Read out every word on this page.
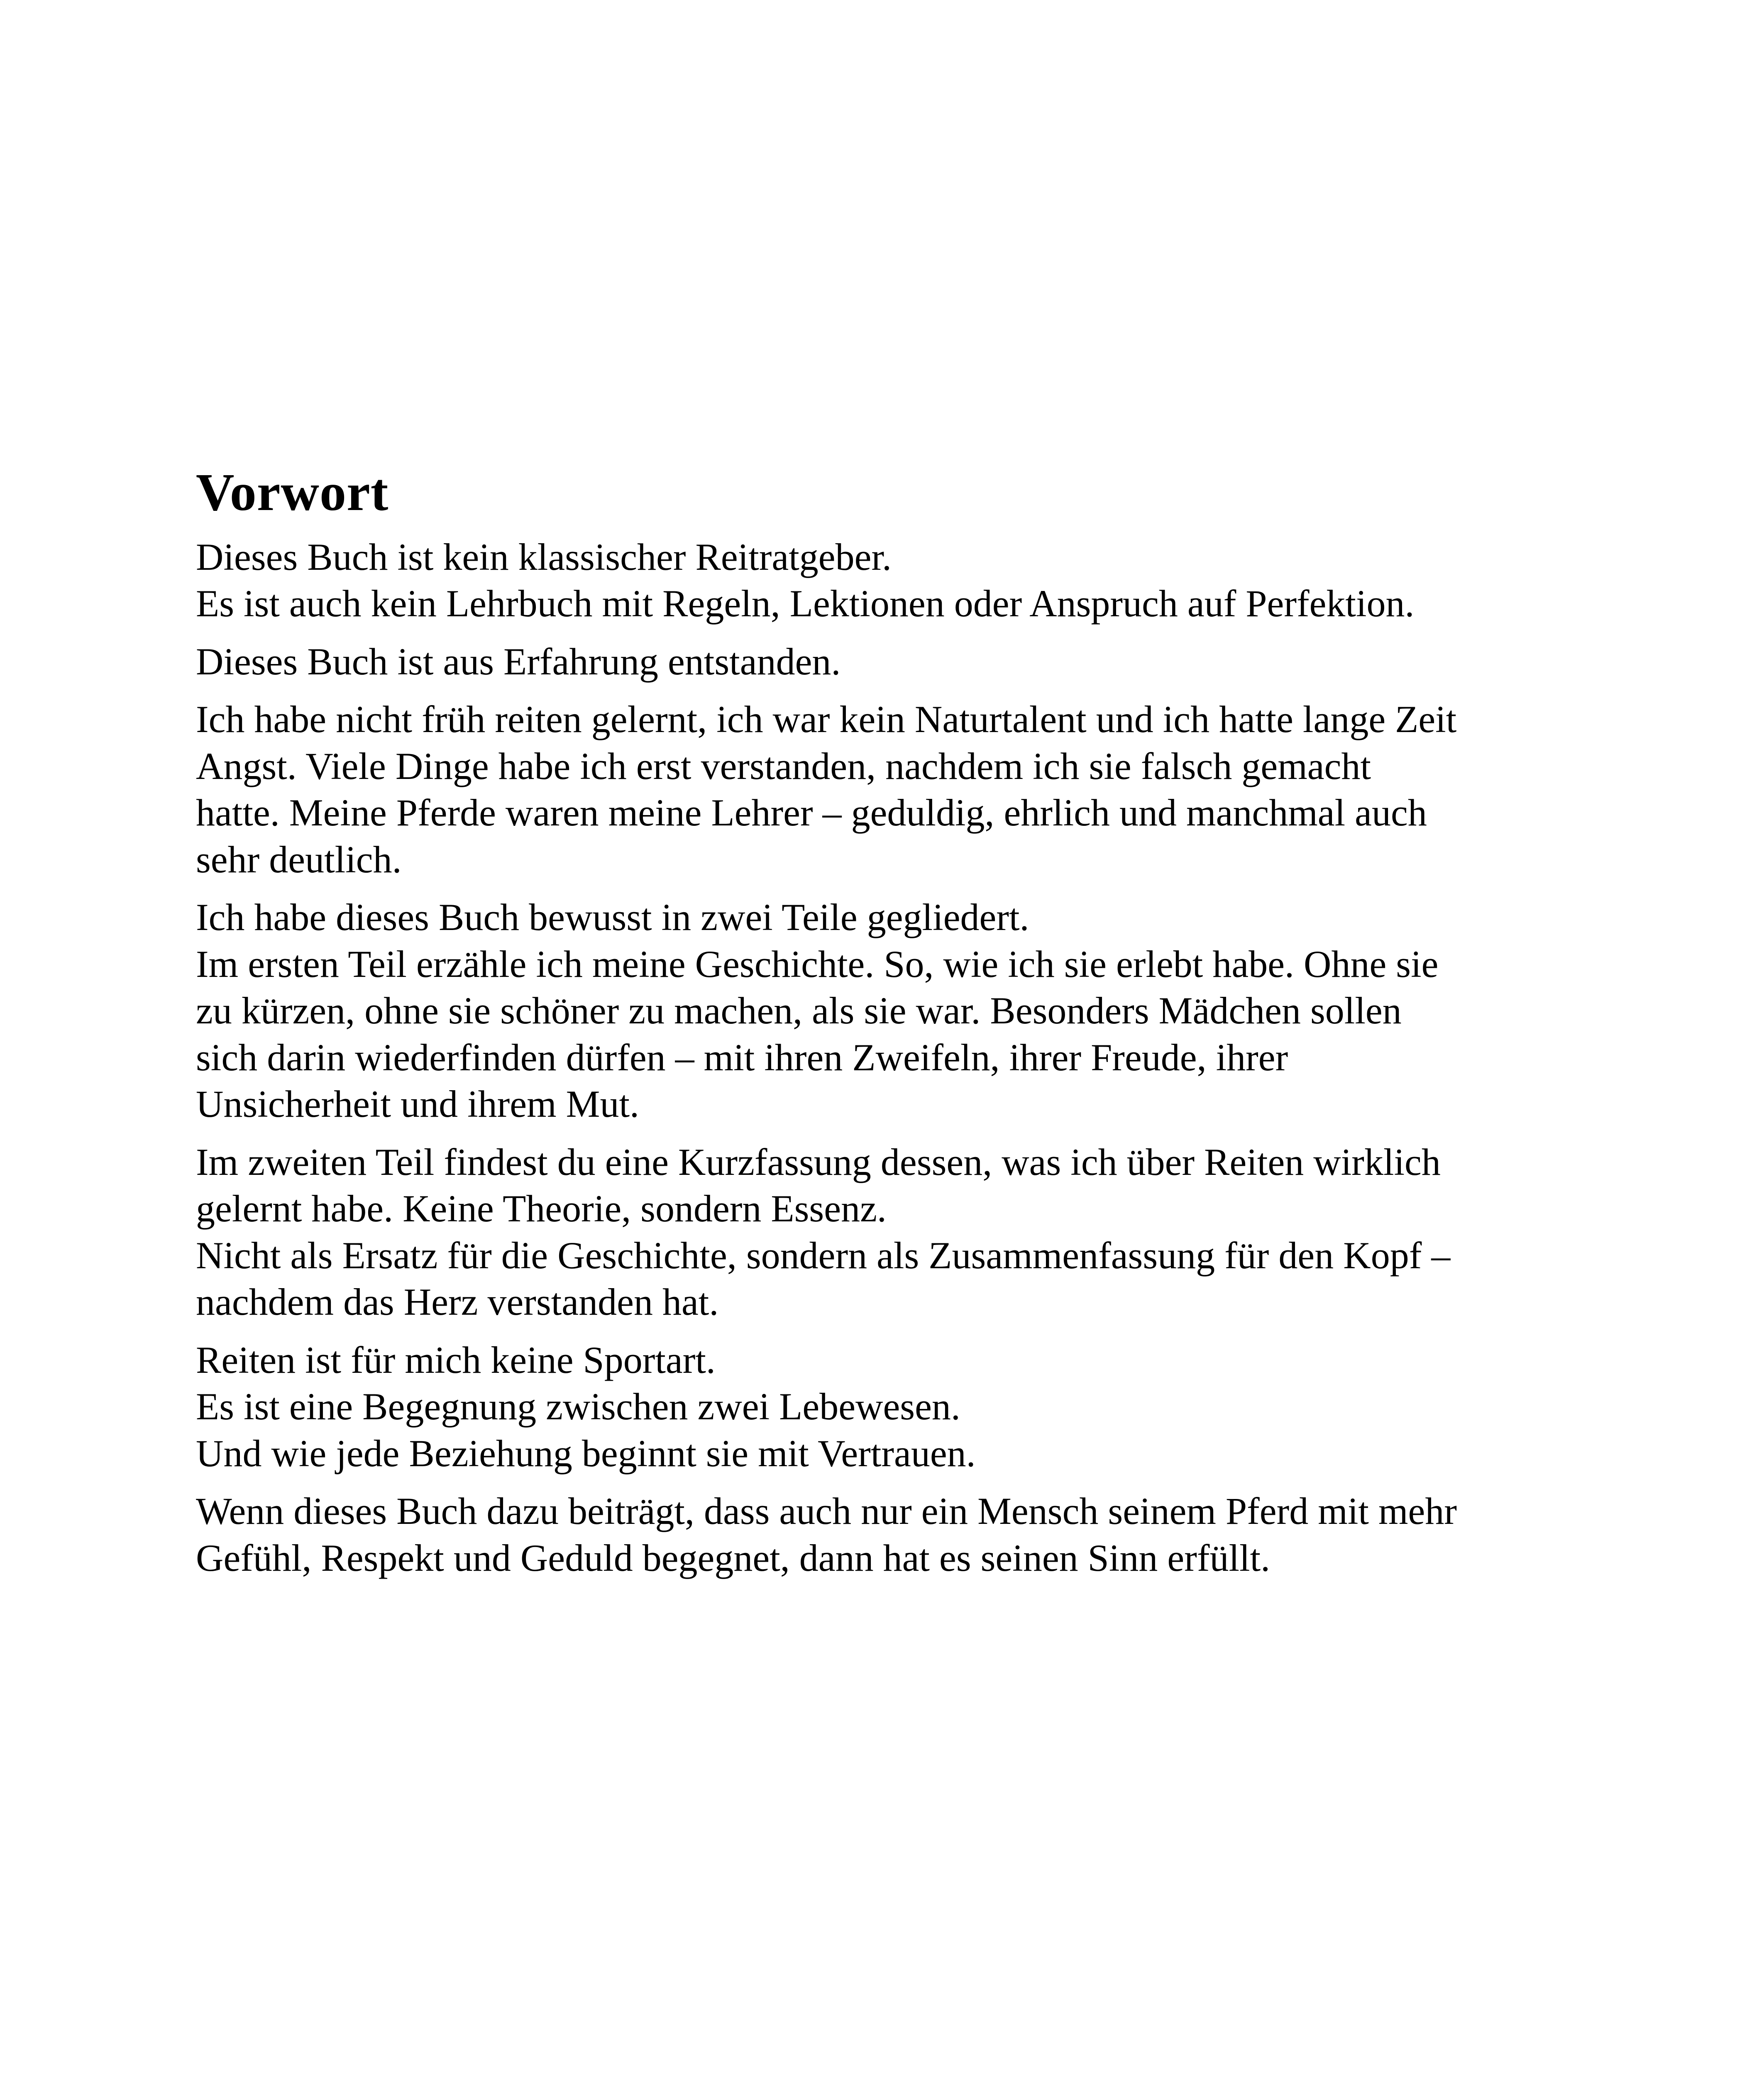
Vorwort

Dieses Buch ist kein klassischer Reitratgeber.
Es ist auch kein Lehrbuch mit Regeln, Lektionen oder Anspruch auf Perfektion.

Dieses Buch ist aus Erfahrung entstanden.

Ich habe nicht früh reiten gelernt, ich war kein Naturtalent und ich hatte lange Zeit
Angst. Viele Dinge habe ich erst verstanden, nachdem ich sie falsch gemacht
hatte. Meine Pferde waren meine Lehrer – geduldig, ehrlich und manchmal auch
sehr deutlich.

Ich habe dieses Buch bewusst in zwei Teile gegliedert.
Im ersten Teil erzähle ich meine Geschichte. So, wie ich sie erlebt habe. Ohne sie
zu kürzen, ohne sie schöner zu machen, als sie war. Besonders Mädchen sollen
sich darin wiederfinden dürfen – mit ihren Zweifeln, ihrer Freude, ihrer
Unsicherheit und ihrem Mut.

Im zweiten Teil findest du eine Kurzfassung dessen, was ich über Reiten wirklich
gelernt habe. Keine Theorie, sondern Essenz.
Nicht als Ersatz für die Geschichte, sondern als Zusammenfassung für den Kopf –
nachdem das Herz verstanden hat.

Reiten ist für mich keine Sportart.
Es ist eine Begegnung zwischen zwei Lebewesen.
Und wie jede Beziehung beginnt sie mit Vertrauen.

Wenn dieses Buch dazu beiträgt, dass auch nur ein Mensch seinem Pferd mit mehr
Gefühl, Respekt und Geduld begegnet, dann hat es seinen Sinn erfüllt.
